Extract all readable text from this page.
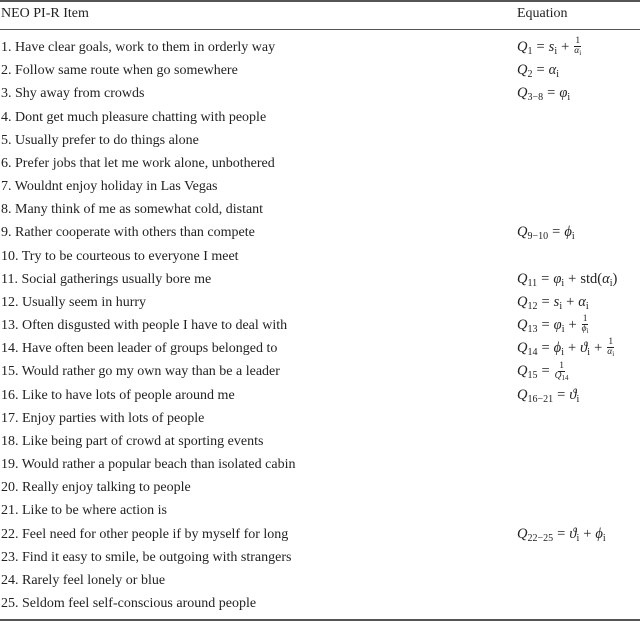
NEO PI-R Item	Equation
1. Have clear goals, work to them in orderly way	$Q_1 = s_i + \frac{1}{\alpha_i}$
2. Follow same route when go somewhere	$Q_2 = \alpha_i$
3. Shy away from crowds	$Q_{3-8} = \varphi_i$
4. Dont get much pleasure chatting with people
5. Usually prefer to do things alone
6. Prefer jobs that let me work alone, unbothered
7. Wouldnt enjoy holiday in Las Vegas
8. Many think of me as somewhat cold, distant
9. Rather cooperate with others than compete	$Q_{9-10} = \phi_i$
10. Try to be courteous to everyone I meet
11. Social gatherings usually bore me	$Q_{11} = \varphi_i + std(\alpha_i)$
12. Usually seem in hurry	$Q_{12} = s_i + \alpha_i$
13. Often disgusted with people I have to deal with	$Q_{13} = \varphi_i + \frac{1}{\phi_i}$
14. Have often been leader of groups belonged to	$Q_{14} = \phi_i + ϑ_i + \frac{1}{\alpha_i}$
15. Would rather go my own way than be a leader	$Q_{15} = \frac{1}{Q_{14}}$
16. Like to have lots of people around me	$Q_{16-21} = ϑ_i$
17. Enjoy parties with lots of people
18. Like being part of crowd at sporting events
19. Would rather a popular beach than isolated cabin
20. Really enjoy talking to people
21. Like to be where action is
22. Feel need for other people if by myself for long	$Q_{22-25} = ϑ_i + \phi_i$
23. Find it easy to smile, be outgoing with strangers
24. Rarely feel lonely or blue
25. Seldom feel self-conscious around people
